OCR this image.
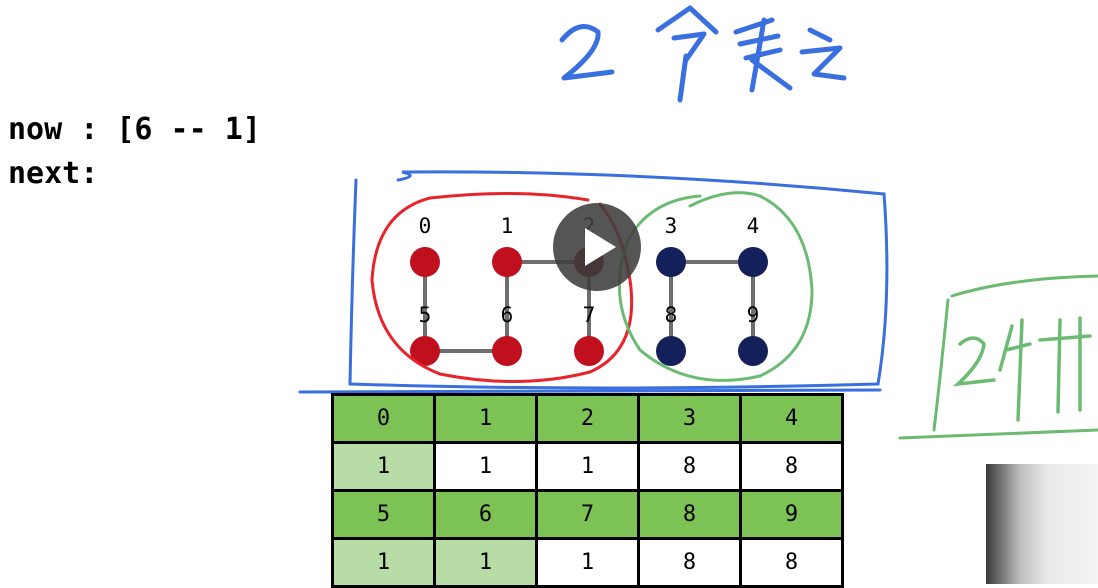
now : [6 -- 1]
next:
0	1	3	4
5	6	7	8	9
0	1	2	3	4
1	1	1	8	8
5	6	7	8	9
1	1	1	8	8
